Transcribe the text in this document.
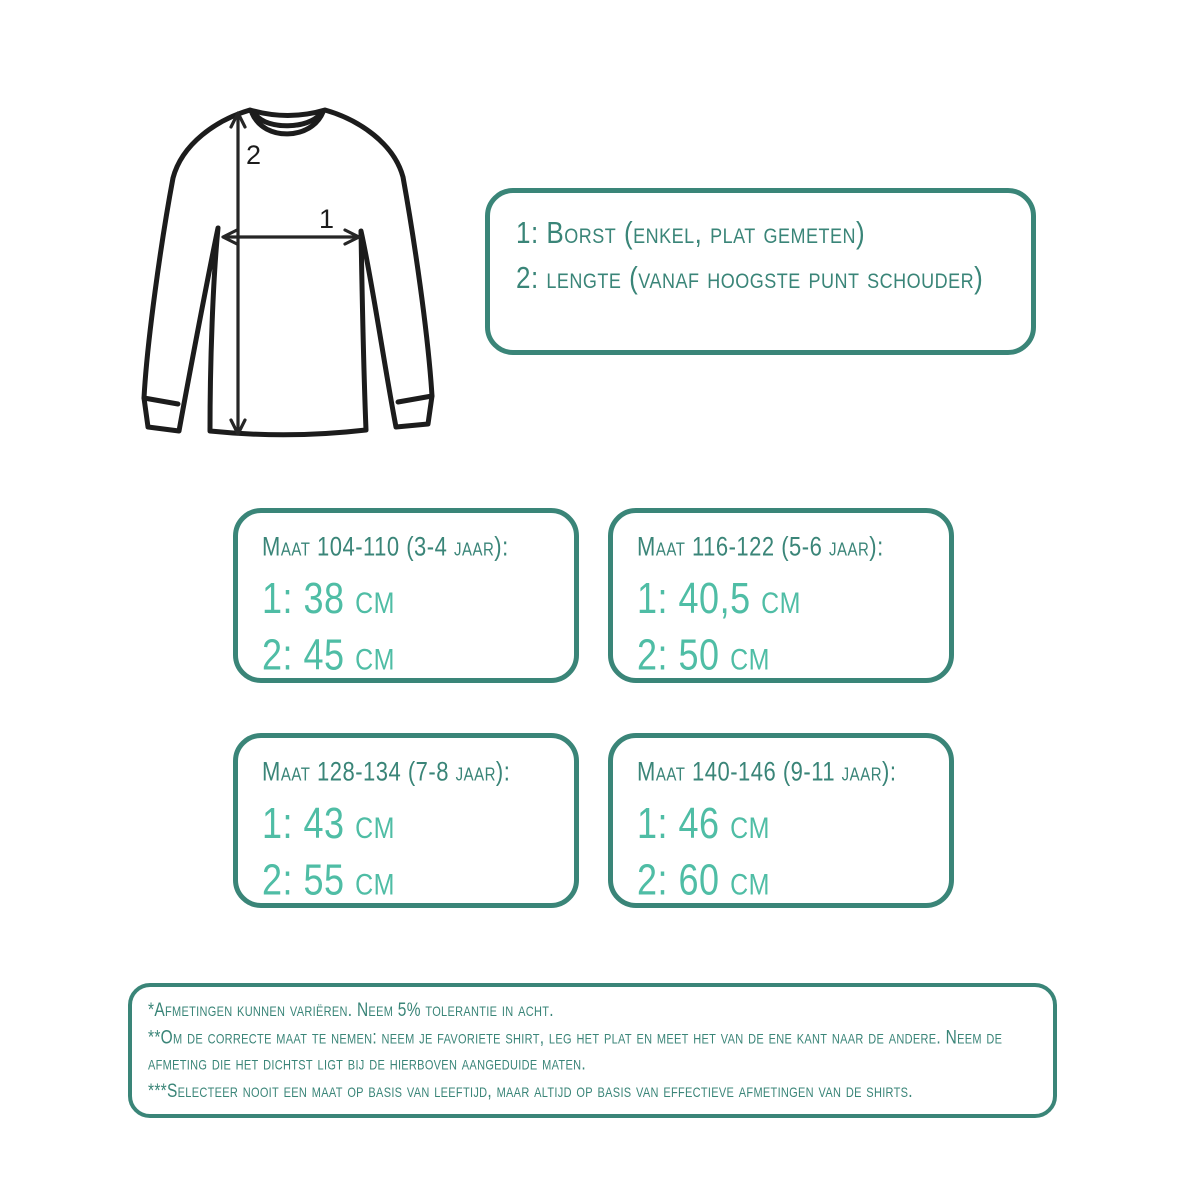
2
1	1: Borst (enkel, plat gemeten)
2: lengte (vanaf hoogste punt schouder)
Maat 104-110 (3-4 jaar):
1: 38 cm
2: 45 cm
Maat 116-122 (5-6 jaar):
1: 40,5 cm
2: 50 cm
Maat 128-134 (7-8 jaar):
1: 43 cm
2: 55 cm
Maat 140-146 (9-11 jaar):
1: 46 cm
2: 60 cm

*Afmetingen kunnen variëren. Neem 5% tolerantie in acht.

**Om de correcte maat te nemen: neem je favoriete shirt, leg het plat en meet het van de ene kant naar de andere. Neem de afmeting die het dichtst ligt bij de hierboven aangeduide maten.

***Selecteer nooit een maat op basis van leeftijd, maar altijd op basis van effectieve afmetingen van de shirts.
